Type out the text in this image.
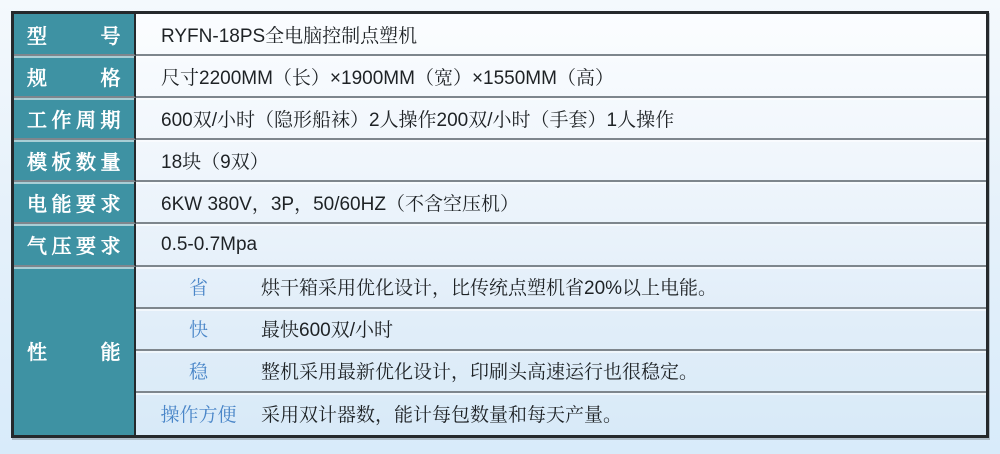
型号 RYFN-18PS全电脑控制点塑机
规格 尺寸2200MM（长）×1900MM（宽）×1550MM（高）
工作周期 600双/小时（隐形船袜）2人操作200双/小时（手套）1人操作
模板数量 18块（9双）
电能要求 6KW 380V，3P，50/60HZ（不含空压机）
气压要求 0.5-0.7Mpa
性能
省	烘干箱采用优化设计，比传统点塑机省20%以上电能。
快	最快600双/小时
稳	整机采用最新优化设计，印刷头高速运行也很稳定。
操作方便	采用双计器数，能计每包数量和每天产量。
